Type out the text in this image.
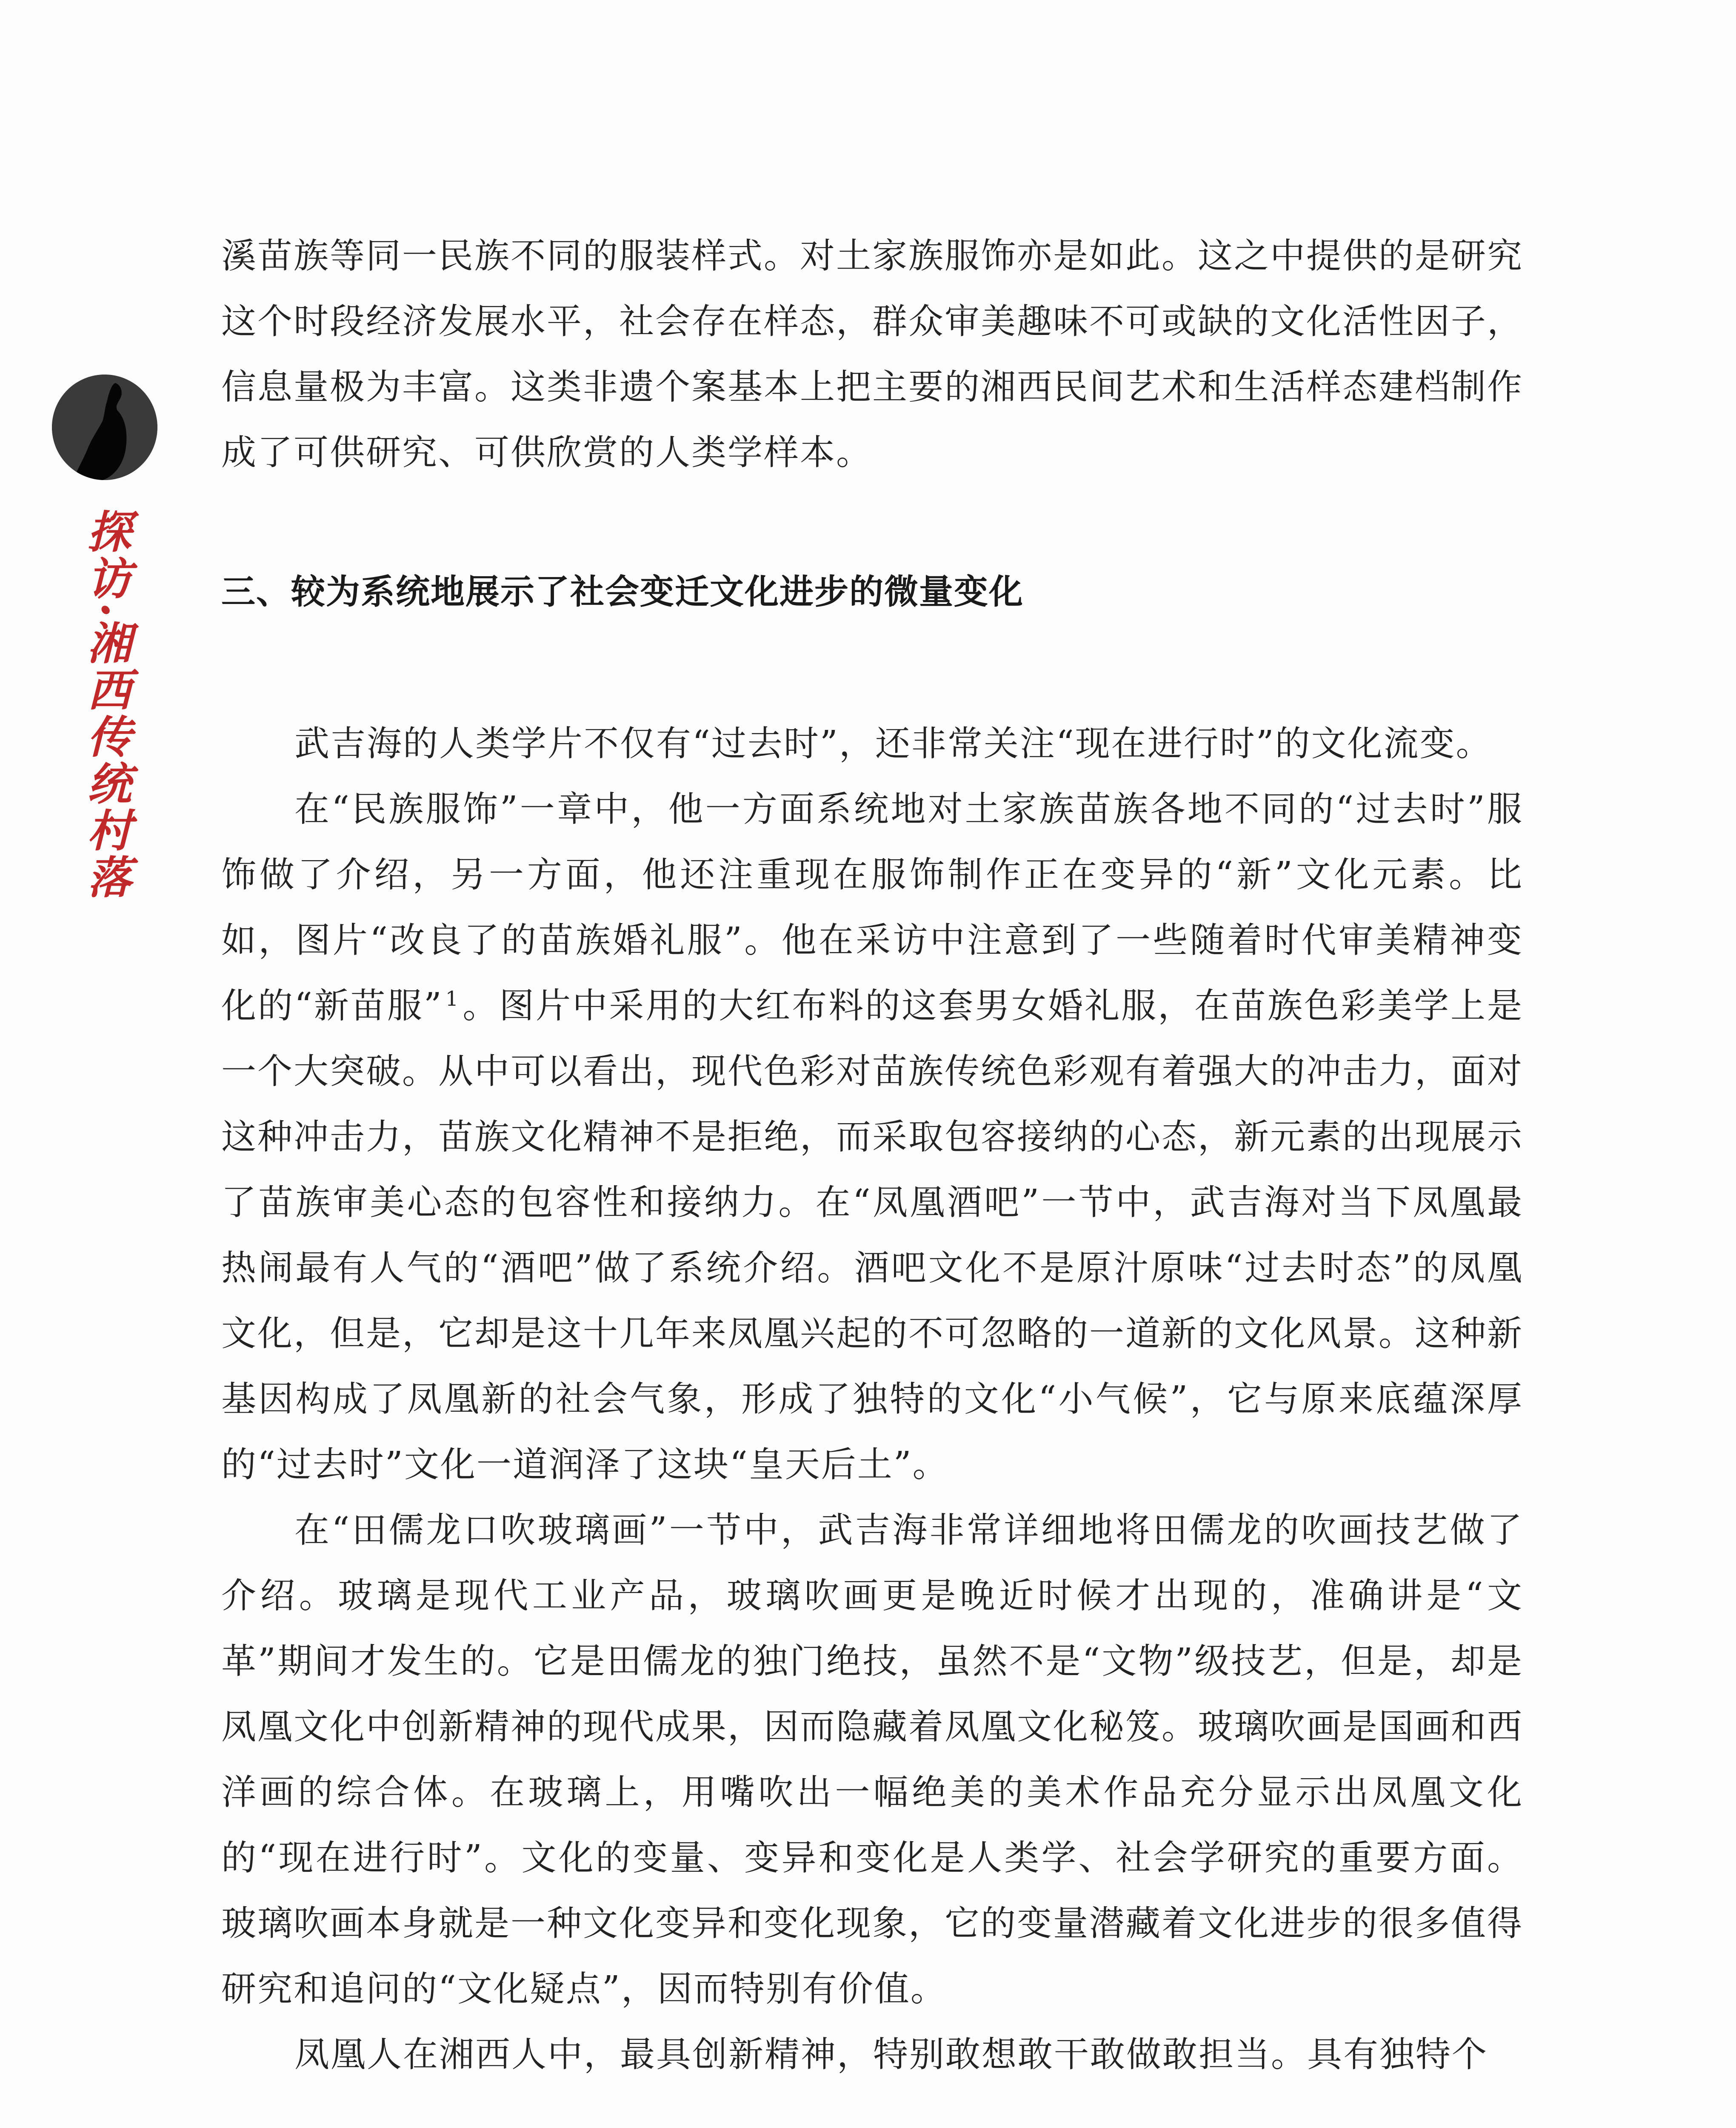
探访·湘西传统村落

溪苗族等同一民族不同的服装样式。对土家族服饰亦是如此。这之中提供的是研究这个时段经济发展水平，社会存在样态，群众审美趣味不可或缺的文化活性因子，信息量极为丰富。这类非遗个案基本上把主要的湘西民间艺术和生活样态建档制作成了可供研究、可供欣赏的人类学样本。

三、较为系统地展示了社会变迁文化进步的微量变化

武吉海的人类学片不仅有“过去时”，还非常关注“现在进行时”的文化流变。

在“民族服饰”一章中，他一方面系统地对土家族苗族各地不同的“过去时”服饰做了介绍，另一方面，他还注重现在服饰制作正在变异的“新”文化元素。比如，图片“改良了的苗族婚礼服”。他在采访中注意到了一些随着时代审美精神变化的“新苗服” $^1$。图片中采用的大红布料的这套男女婚礼服，在苗族色彩美学上是一个大突破。从中可以看出，现代色彩对苗族传统色彩观有着强大的冲击力，面对这种冲击力，苗族文化精神不是拒绝，而采取包容接纳的心态，新元素的出现展示了苗族审美心态的包容性和接纳力。在“凤凰酒吧”一节中，武吉海对当下凤凰最热闹最有人气的“酒吧”做了系统介绍。酒吧文化不是原汁原味“过去时态”的凤凰文化，但是，它却是这十几年来凤凰兴起的不可忽略的一道新的文化风景。这种新基因构成了凤凰新的社会气象，形成了独特的文化“小气候”，它与原来底蕴深厚的“过去时”文化一道润泽了这块“皇天后土”。

在“田儒龙口吹玻璃画”一节中，武吉海非常详细地将田儒龙的吹画技艺做了介绍。玻璃是现代工业产品，玻璃吹画更是晚近时候才出现的，准确讲是“文革”期间才发生的。它是田儒龙的独门绝技，虽然不是“文物”级技艺，但是，却是凤凰文化中创新精神的现代成果，因而隐藏着凤凰文化秘笈。玻璃吹画是国画和西洋画的综合体。在玻璃上，用嘴吹出一幅绝美的美术作品充分显示出凤凰文化的“现在进行时”。文化的变量、变异和变化是人类学、社会学研究的重要方面。玻璃吹画本身就是一种文化变异和变化现象，它的变量潜藏着文化进步的很多值得研究和追问的“文化疑点”，因而特别有价值。

凤凰人在湘西人中，最具创新精神，特别敢想敢干敢做敢担当。具有独特个
